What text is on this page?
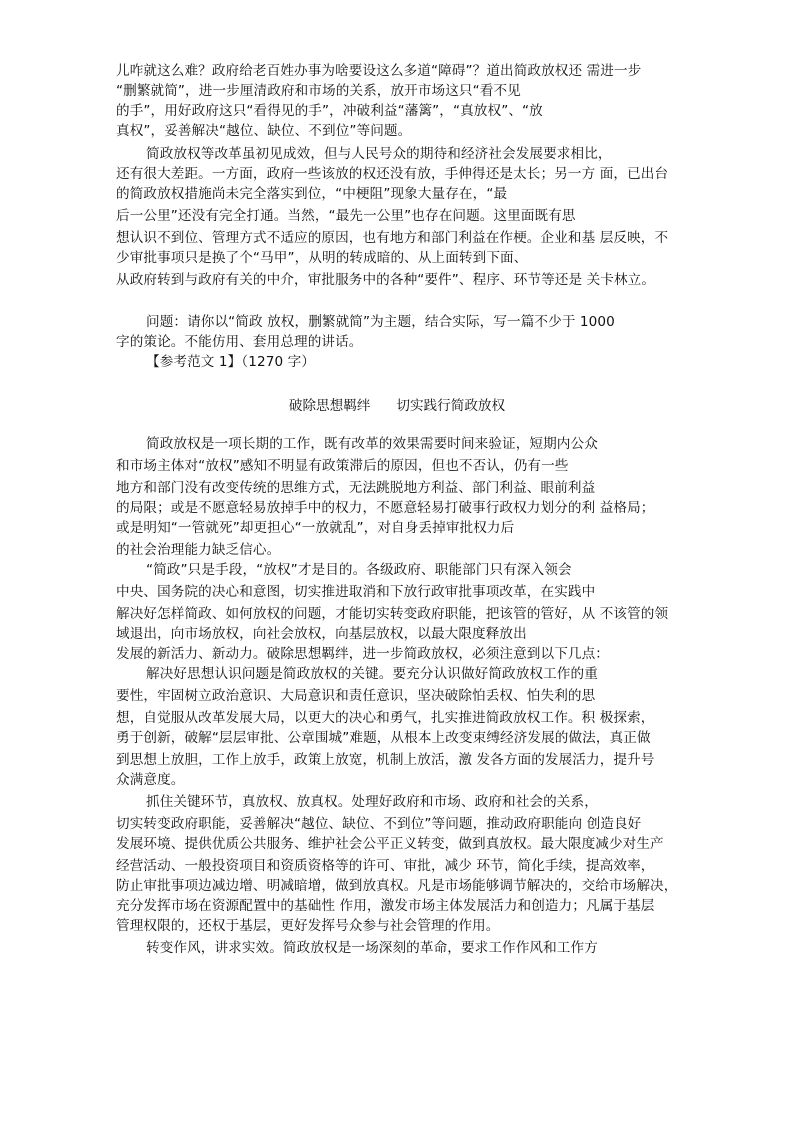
儿咋就这么难？政府给老百姓办事为啥要设这么多道“障碍”？道出简政放权还 需进一步
“删繁就简”，进一步厘清政府和市场的关系，放开市场这只“看不见
的手”，用好政府这只“看得见的手”，冲破利益“藩篱”，“真放权”、“放
真权”，妥善解决“越位、缺位、不到位”等问题。
简政放权等改革虽初见成效，但与人民号众的期待和经济社会发展要求相比，
还有很大差距。一方面，政府一些该放的权还没有放，手伸得还是太长；另一方 面，已出台
的简政放权措施尚未完全落实到位，“中梗阻”现象大量存在，“最
后一公里”还没有完全打通。当然，“最先一公里”也存在问题。这里面既有思
想认识不到位、管理方式不适应的原因，也有地方和部门利益在作梗。企业和基 层反映，不
少审批事项只是换了个“马甲”，从明的转成暗的、从上面转到下面、
从政府转到与政府有关的中介，审批服务中的各种“要件”、程序、环节等还是 关卡林立。
问题：请你以“简政 放权，删繁就简”为主题，结合实际，写一篇不少于 1000
字的策论。不能仿用、套用总理的讲话。
【参考范文 1】（1270 字）
破除思想羁绊      切实践行简政放权
简政放权是一项长期的工作，既有改革的效果需要时间来验证，短期内公众
和市场主体对“放权”感知不明显有政策滞后的原因，但也不否认，仍有一些
地方和部门没有改变传统的思维方式，无法跳脱地方利益、部门利益、眼前利益
的局限；或是不愿意轻易放掉手中的权力，不愿意轻易打破事行政权力划分的利 益格局；
或是明知“一管就死”却更担心“一放就乱”，对自身丢掉审批权力后
的社会治理能力缺乏信心。
“简政”只是手段，“放权”才是目的。各级政府、职能部门只有深入领会
中央、国务院的决心和意图，切实推进取消和下放行政审批事项改革，在实践中
解决好怎样简政、如何放权的问题，才能切实转变政府职能，把该管的管好，从 不该管的领
域退出，向市场放权，向社会放权，向基层放权，以最大限度释放出
发展的新活力、新动力。破除思想羁绊，进一步简政放权，必须注意到以下几点：
解决好思想认识问题是简政放权的关键。要充分认识做好简政放权工作的重
要性，牢固树立政治意识、大局意识和责任意识，坚决破除怕丢权、怕失利的思
想，自觉服从改革发展大局，以更大的决心和勇气，扎实推进简政放权工作。积 极探索，
勇于创新，破解“层层审批、公章围城”难题，从根本上改变束缚经济发展的做法，真正做
到思想上放胆，工作上放手，政策上放宽，机制上放活，激 发各方面的发展活力，提升号
众满意度。
抓住关键环节，真放权、放真权。处理好政府和市场、政府和社会的关系，
切实转变政府职能，妥善解决“越位、缺位、不到位”等问题，推动政府职能向 创造良好
发展环境、提供优质公共服务、维护社会公平正义转变，做到真放权。最大限度减少对生产
经营活动、一般投资项目和资质资格等的许可、审批，减少 环节，简化手续，提高效率，
防止审批事项边减边增、明减暗增，做到放真权。凡是市场能够调节解决的，交给市场解决，
充分发挥市场在资源配置中的基础性 作用，激发市场主体发展活力和创造力；凡属于基层
管理权限的，还权于基层，更好发挥号众参与社会管理的作用。
转变作风，讲求实效。简政放权是一场深刻的革命，要求工作作风和工作方
